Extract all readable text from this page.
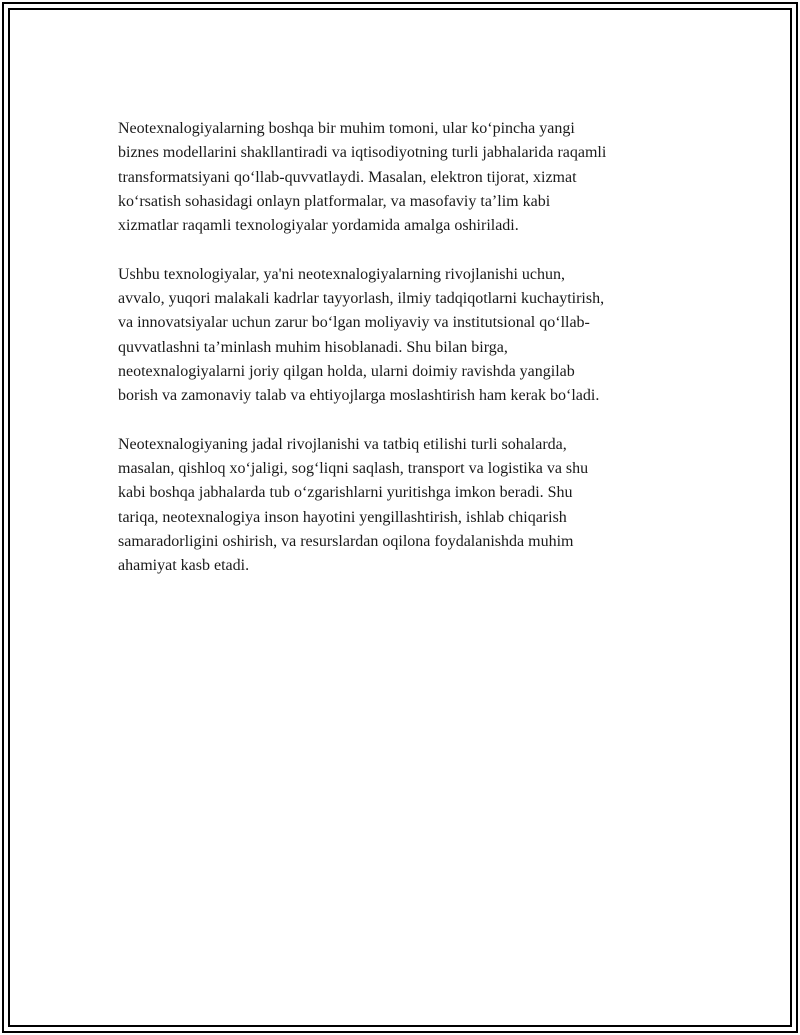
Neotexnalogiyalarning boshqa bir muhim tomoni, ular ko‘pincha yangi
biznes modellarini shakllantiradi va iqtisodiyotning turli jabhalarida raqamli
transformatsiyani qo‘llab-quvvatlaydi. Masalan, elektron tijorat, xizmat
ko‘rsatish sohasidagi onlayn platformalar, va masofaviy ta’lim kabi
xizmatlar raqamli texnologiyalar yordamida amalga oshiriladi.

Ushbu texnologiyalar, ya'ni neotexnalogiyalarning rivojlanishi uchun,
avvalo, yuqori malakali kadrlar tayyorlash, ilmiy tadqiqotlarni kuchaytirish,
va innovatsiyalar uchun zarur bo‘lgan moliyaviy va institutsional qo‘llab-
quvvatlashni ta’minlash muhim hisoblanadi. Shu bilan birga,
neotexnalogiyalarni joriy qilgan holda, ularni doimiy ravishda yangilab
borish va zamonaviy talab va ehtiyojlarga moslashtirish ham kerak bo‘ladi.

Neotexnalogiyaning jadal rivojlanishi va tatbiq etilishi turli sohalarda,
masalan, qishloq xo‘jaligi, sog‘liqni saqlash, transport va logistika va shu
kabi boshqa jabhalarda tub o‘zgarishlarni yuritishga imkon beradi. Shu
tariqa, neotexnalogiya inson hayotini yengillashtirish, ishlab chiqarish
samaradorligini oshirish, va resurslardan oqilona foydalanishda muhim
ahamiyat kasb etadi.
